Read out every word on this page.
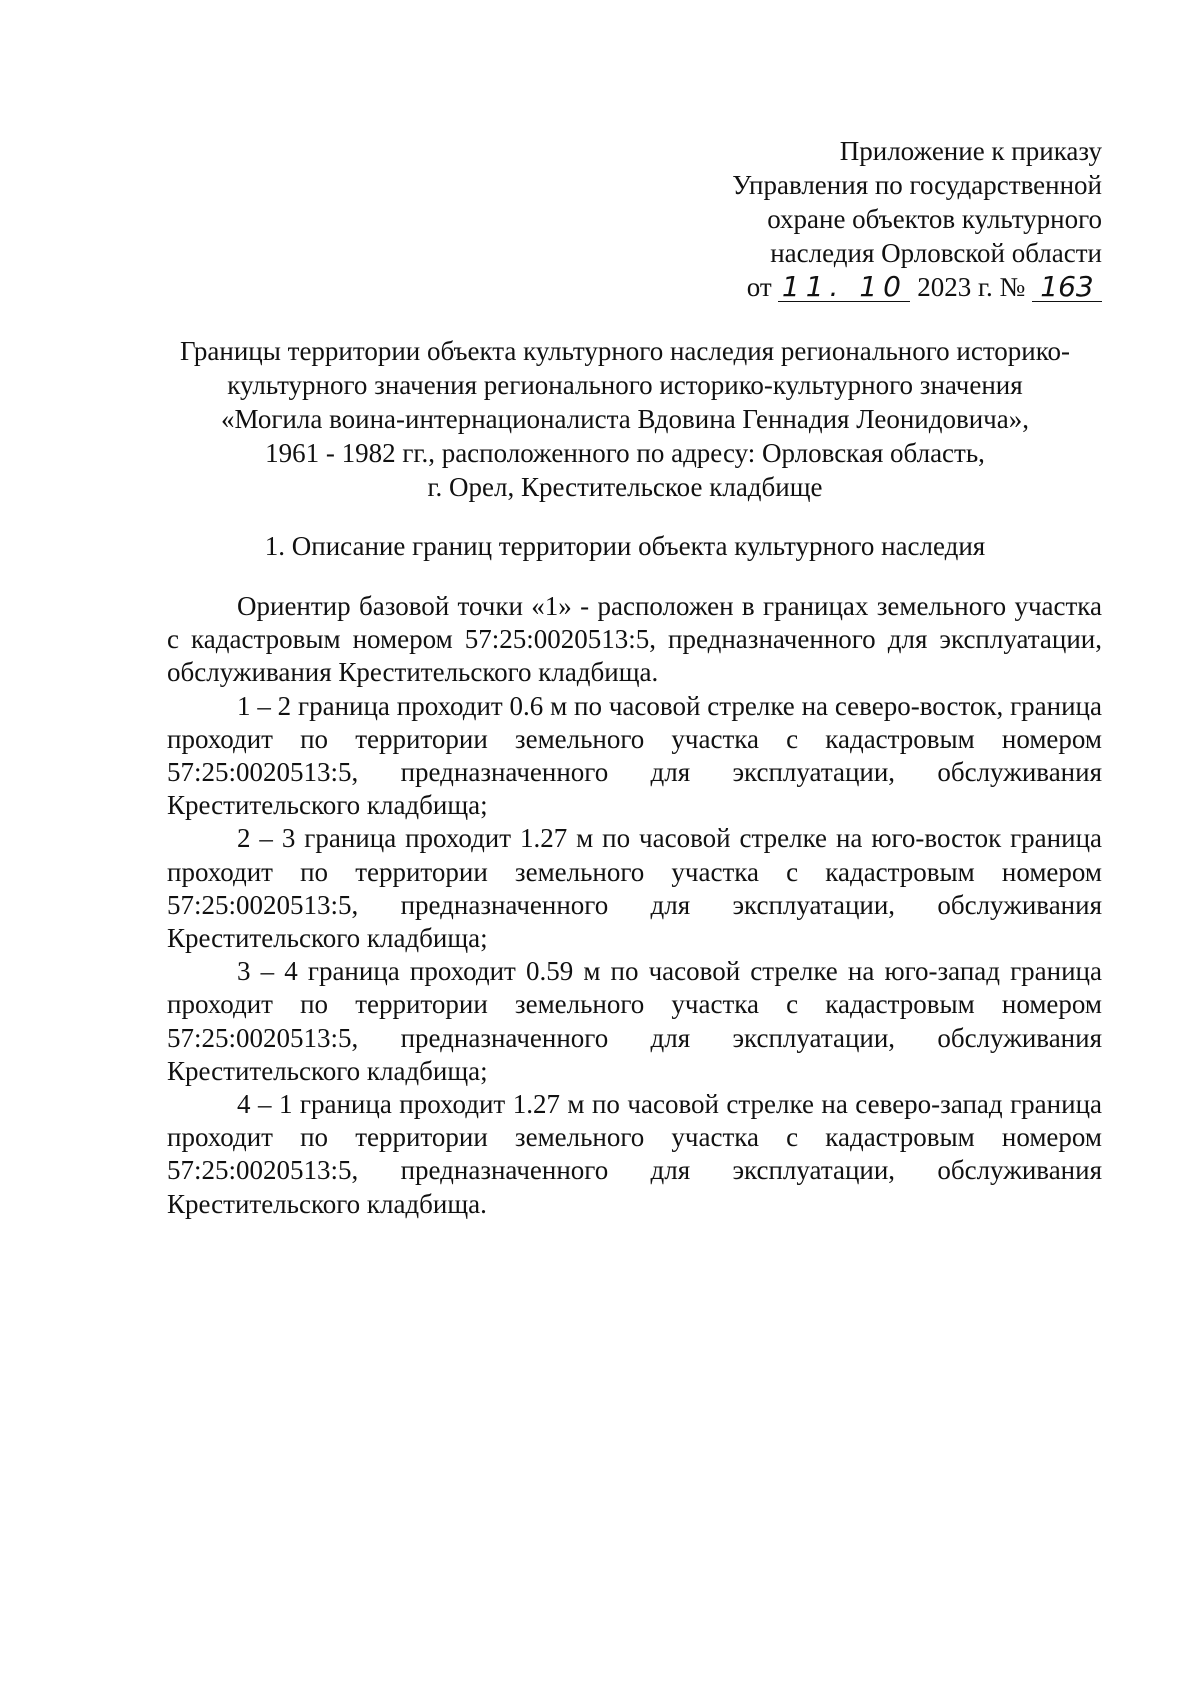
Приложение к приказу
Управления по государственной
охране объектов культурного
наследия Орловской области
от 11. 10 2023 г. № 163
Границы территории объекта культурного наследия регионального историко-
культурного значения регионального историко-культурного значения
«Могила воина-интернационалиста Вдовина Геннадия Леонидовича»,
1961 - 1982 гг., расположенного по адресу: Орловская область,
г. Орел, Крестительское кладбище
1. Описание границ территории объекта культурного наследия

Ориентир базовой точки «1» - расположен в границах земельного участка с кадастровым номером 57:25:0020513:5, предназначенного для эксплуатации, обслуживания Крестительского кладбища.

1 – 2 граница проходит 0.6 м по часовой стрелке на северо-восток, граница проходит по территории земельного участка с кадастровым номером 57:25:0020513:5, предназначенного для эксплуатации, обслуживания Крестительского кладбища;

2 – 3 граница проходит 1.27 м по часовой стрелке на юго-восток граница проходит по территории земельного участка с кадастровым номером 57:25:0020513:5, предназначенного для эксплуатации, обслуживания Крестительского кладбища;

3 – 4 граница проходит 0.59 м по часовой стрелке на юго-запад граница проходит по территории земельного участка с кадастровым номером 57:25:0020513:5, предназначенного для эксплуатации, обслуживания Крестительского кладбища;

4 – 1 граница проходит 1.27 м по часовой стрелке на северо-запад граница проходит по территории земельного участка с кадастровым номером 57:25:0020513:5, предназначенного для эксплуатации, обслуживания Крестительского кладбища.
